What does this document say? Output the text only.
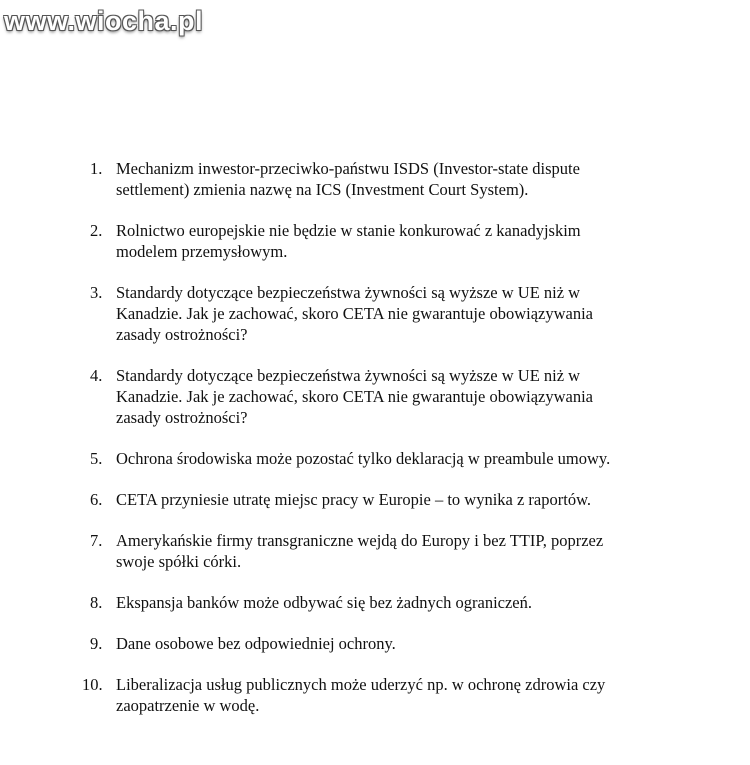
www.wiocha.pl
1. Mechanizm inwestor-przeciwko-państwu ISDS (Investor-state dispute
settlement) zmienia nazwę na ICS (Investment Court System).
2. Rolnictwo europejskie nie będzie w stanie konkurować z kanadyjskim
modelem przemysłowym.
3. Standardy dotyczące bezpieczeństwa żywności są wyższe w UE niż w
Kanadzie. Jak je zachować, skoro CETA nie gwarantuje obowiązywania
zasady ostrożności?
4. Standardy dotyczące bezpieczeństwa żywności są wyższe w UE niż w
Kanadzie. Jak je zachować, skoro CETA nie gwarantuje obowiązywania
zasady ostrożności?
5. Ochrona środowiska może pozostać tylko deklaracją w preambule umowy.
6. CETA przyniesie utratę miejsc pracy w Europie – to wynika z raportów.
7. Amerykańskie firmy transgraniczne wejdą do Europy i bez TTIP, poprzez
swoje spółki córki.
8. Ekspansja banków może odbywać się bez żadnych ograniczeń.
9. Dane osobowe bez odpowiedniej ochrony.
10. Liberalizacja usług publicznych może uderzyć np. w ochronę zdrowia czy
zaopatrzenie w wodę.
